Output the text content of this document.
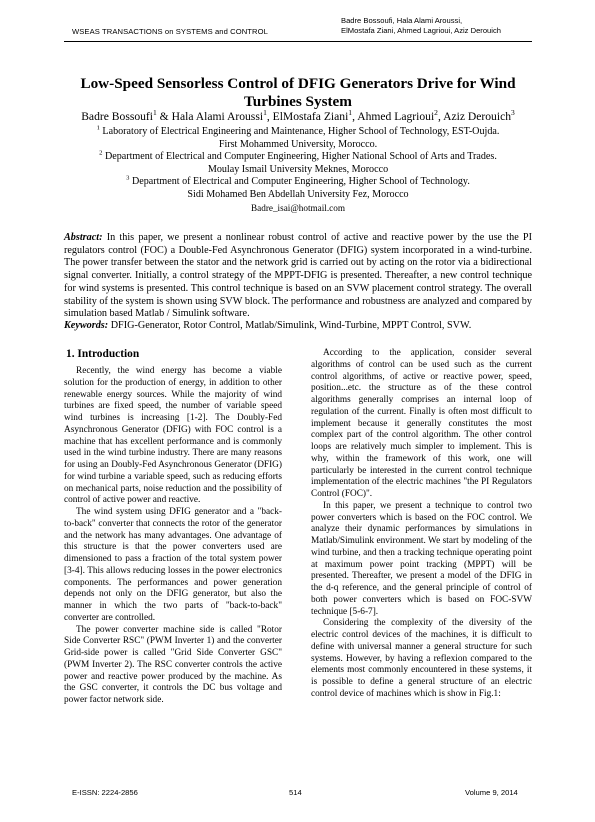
WSEAS TRANSACTIONS on SYSTEMS and CONTROL
Badre Bossoufi, Hala Alami Aroussi,
ElMostafa Ziani, Ahmed Lagrioui, Aziz Derouich
Low-Speed Sensorless Control of DFIG Generators Drive for Wind Turbines System
Badre Bossoufi$^1$ & Hala Alami Aroussi$^1$, ElMostafa Ziani$^1$, Ahmed Lagrioui$^2$, Aziz Derouich$^3$
$^1$ Laboratory of Electrical Engineering and Maintenance, Higher School of Technology, EST-Oujda.
First Mohammed University, Morocco.
$^2$ Department of Electrical and Computer Engineering, Higher National School of Arts and Trades.
Moulay Ismail University Meknes, Morocco
$^3$ Department of Electrical and Computer Engineering, Higher School of Technology.
Sidi Mohamed Ben Abdellah University Fez, Morocco
Badre_isai@hotmail.com
Abstract: In this paper, we present a nonlinear robust control of active and reactive power by the use the PI regulators control (FOC) a Double-Fed Asynchronous Generator (DFIG) system incorporated in a wind-turbine. The power transfer between the stator and the network grid is carried out by acting on the rotor via a bidirectional signal converter. Initially, a control strategy of the MPPT-DFIG is presented. Thereafter, a new control technique for wind systems is presented. This control technique is based on an SVW placement control strategy. The overall stability of the system is shown using SVW block. The performance and robustness are analyzed and compared by simulation based Matlab / Simulink software.
Keywords: DFIG-Generator, Rotor Control, Matlab/Simulink, Wind-Turbine, MPPT Control, SVW.
1. Introduction

Recently, the wind energy has become a viable solution for the production of energy, in addition to other renewable energy sources. While the majority of wind turbines are fixed speed, the number of variable speed wind turbines is increasing [1-2]. The Doubly-Fed Asynchronous Generator (DFIG) with FOC control is a machine that has excellent performance and is commonly used in the wind turbine industry. There are many reasons for using an Doubly-Fed Asynchronous Generator (DFIG) for wind turbine a variable speed, such as reducing efforts on mechanical parts, noise reduction and the possibility of control of active power and reactive.

The wind system using DFIG generator and a "back-to-back" converter that connects the rotor of the generator and the network has many advantages. One advantage of this structure is that the power converters used are dimensioned to pass a fraction of the total system power [3-4]. This allows reducing losses in the power electronics components. The performances and power generation depends not only on the DFIG generator, but also the manner in which the two parts of "back-to-back" converter are controlled.

The power converter machine side is called "Rotor Side Converter RSC" (PWM Inverter 1) and the converter Grid-side power is called "Grid Side Converter GSC" (PWM Inverter 2). The RSC converter controls the active power and reactive power produced by the machine. As the GSC converter, it controls the DC bus voltage and power factor network side.

According to the application, consider several algorithms of control can be used such as the current control algorithms, of active or reactive power, speed, position...etc. the structure as of the these control algorithms generally comprises an internal loop of regulation of the current. Finally is often most difficult to implement because it generally constitutes the most complex part of the control algorithm. The other control loops are relatively much simpler to implement. This is why, within the framework of this work, one will particularly be interested in the current control technique implementation of the electric machines "the PI Regulators Control (FOC)".

In this paper, we present a technique to control two power converters which is based on the FOC control. We analyze their dynamic performances by simulations in Matlab/Simulink environment. We start by modeling of the wind turbine, and then a tracking technique operating point at maximum power point tracking (MPPT) will be presented. Thereafter, we present a model of the DFIG in the d-q reference, and the general principle of control of both power converters which is based on FOC-SVW technique [5-6-7].

Considering the complexity of the diversity of the electric control devices of the machines, it is difficult to define with universal manner a general structure for such systems. However, by having a reflexion compared to the elements most commonly encountered in these systems, it is possible to define a general structure of an electric control device of machines which is show in Fig.1:

E-ISSN: 2224-2856	514	Volume 9, 2014
